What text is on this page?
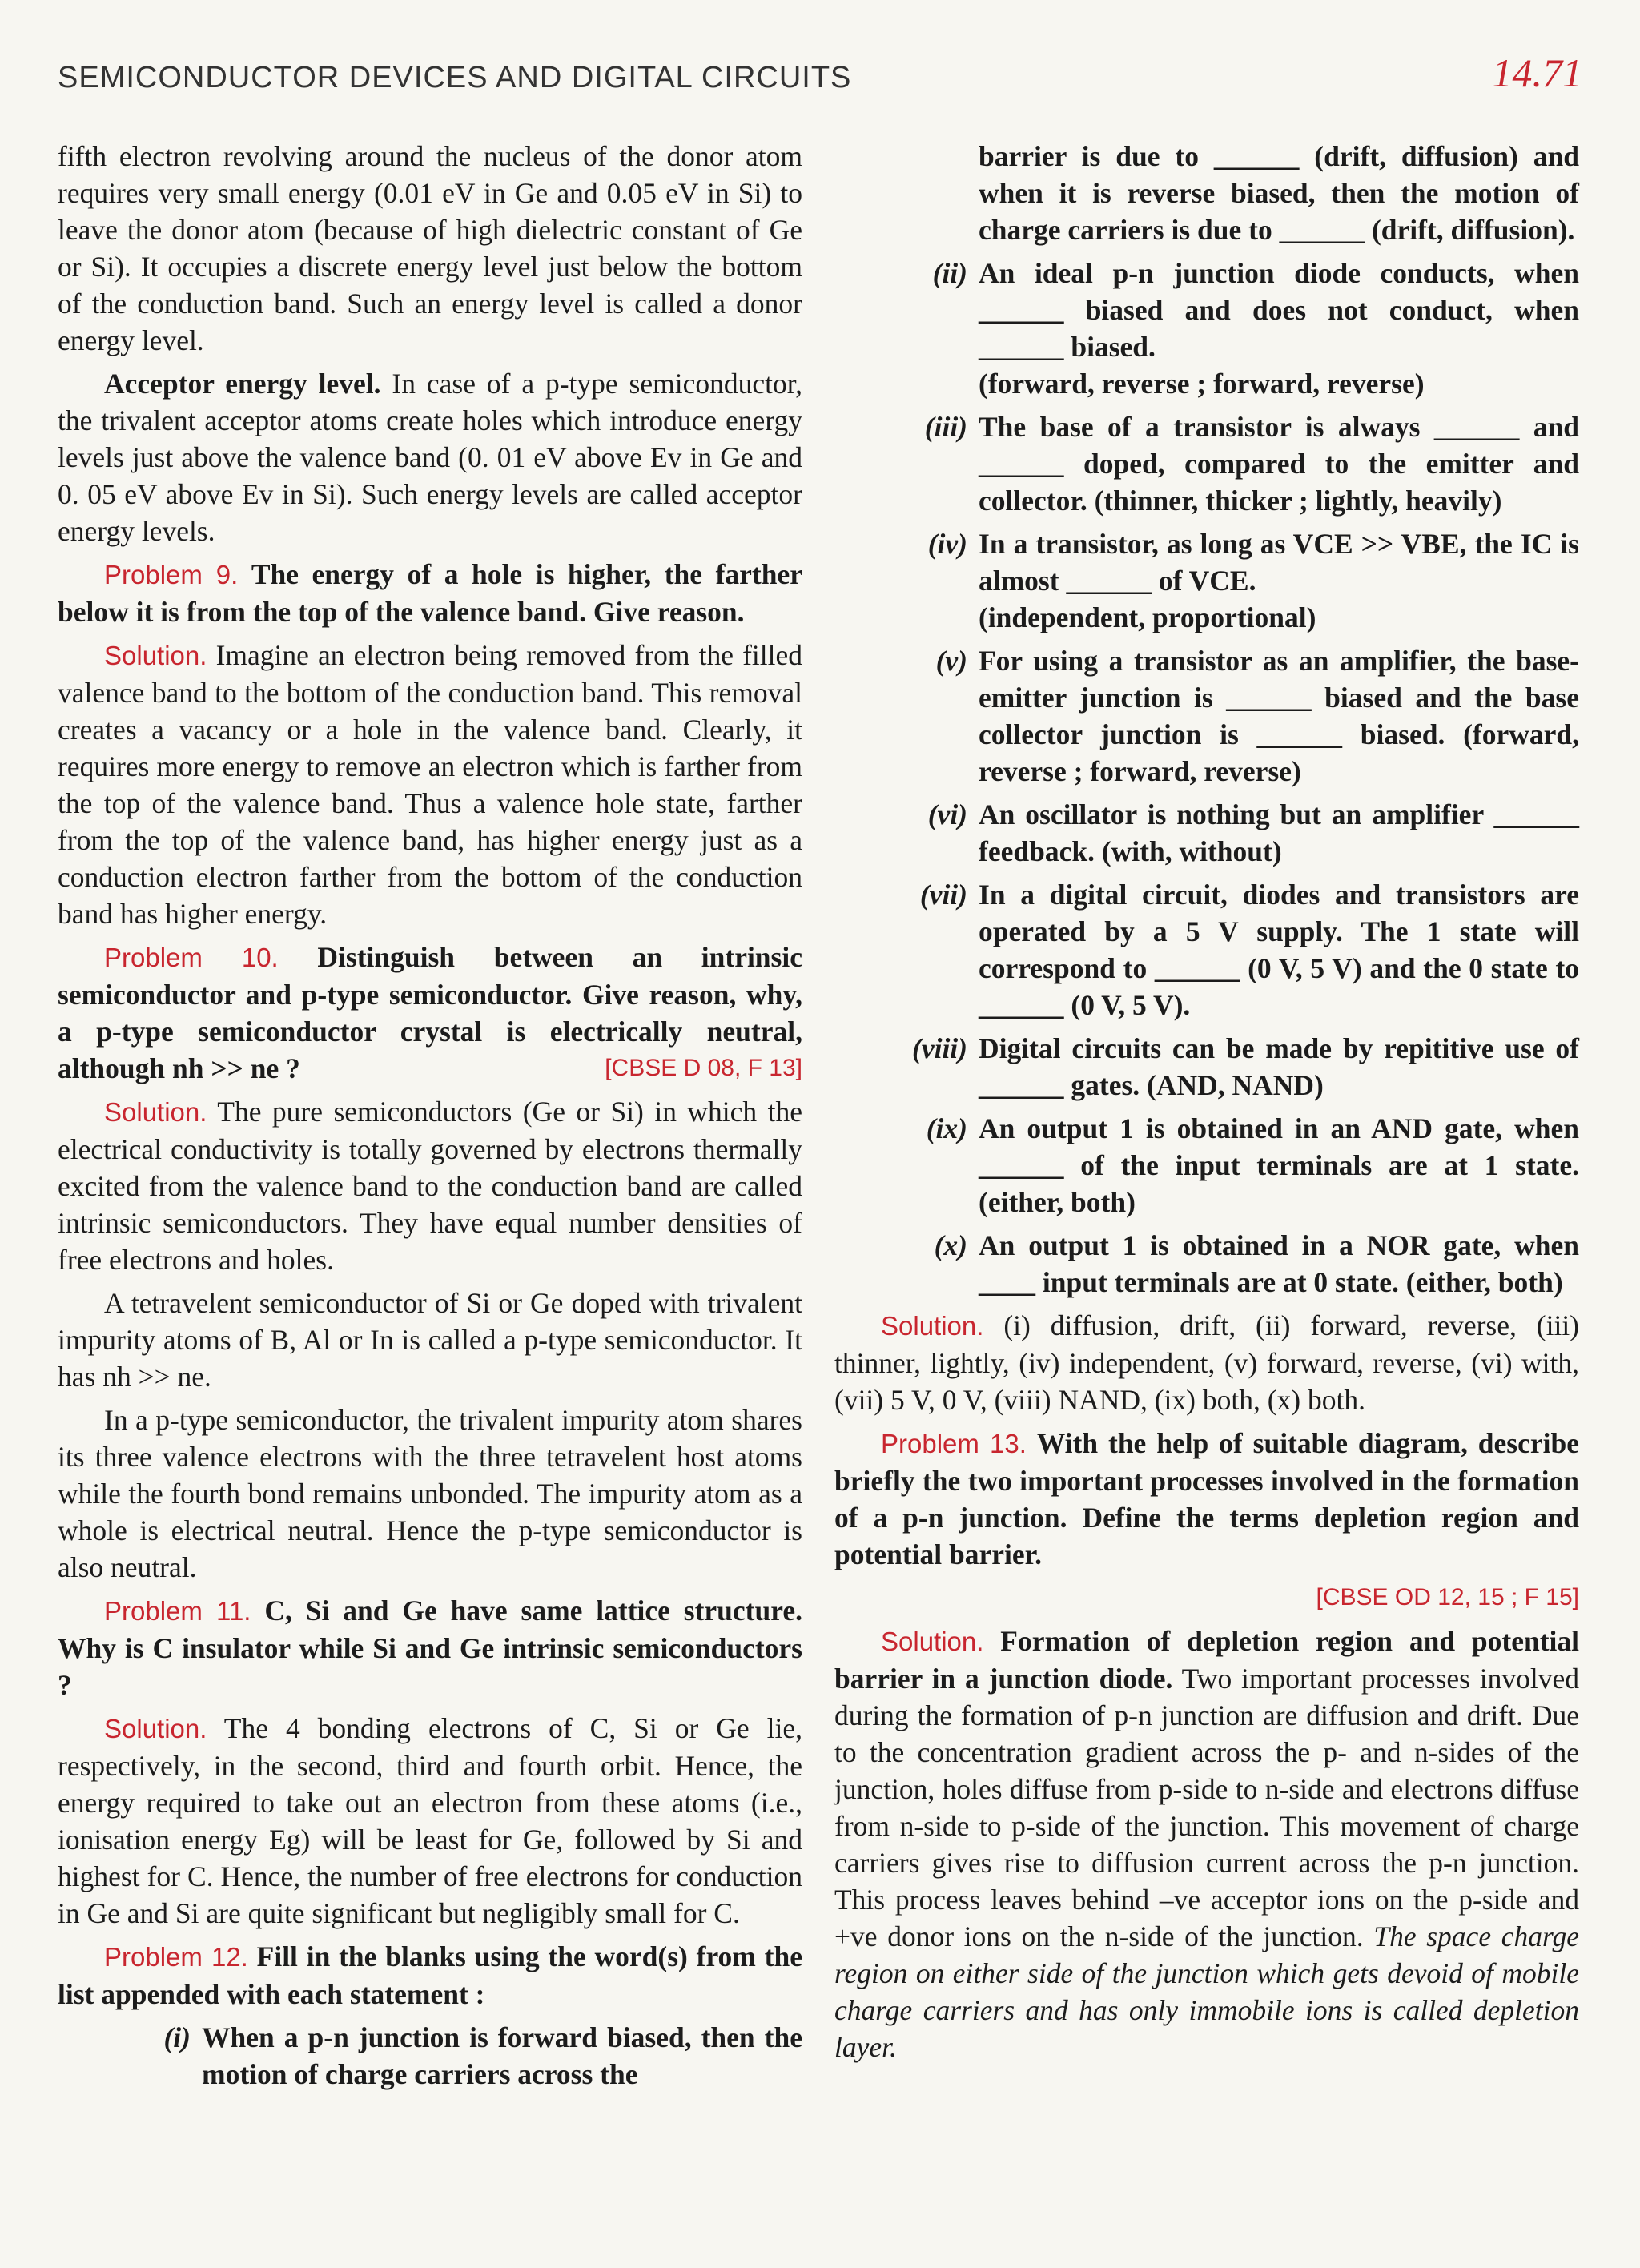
SEMICONDUCTOR DEVICES AND DIGITAL CIRCUITS	14.71

fifth electron revolving around the nucleus of the donor atom requires very small energy (0.01 eV in Ge and 0.05 eV in Si) to leave the donor atom (because of high dielectric constant of Ge or Si). It occupies a discrete energy level just below the bottom of the conduction band. Such an energy level is called a donor energy level.

Acceptor energy level. In case of a p-type semiconductor, the trivalent acceptor atoms create holes which introduce energy levels just above the valence band (0. 01 eV above Ev in Ge and 0. 05 eV above Ev in Si). Such energy levels are called acceptor energy levels.

Problem 9. The energy of a hole is higher, the farther below it is from the top of the valence band. Give reason.

Solution. Imagine an electron being removed from the filled valence band to the bottom of the conduction band. This removal creates a vacancy or a hole in the valence band. Clearly, it requires more energy to remove an electron which is farther from the top of the valence band. Thus a valence hole state, farther from the top of the valence band, has higher energy just as a conduction electron farther from the bottom of the conduction band has higher energy.

Problem 10. Distinguish between an intrinsic semiconductor and p-type semiconductor. Give reason, why, a p-type semiconductor crystal is electrically neutral, although nh >> ne ?	[CBSE D 08, F 13]

Solution. The pure semiconductors (Ge or Si) in which the electrical conductivity is totally governed by electrons thermally excited from the valence band to the conduction band are called intrinsic semiconductors. They have equal number densities of free electrons and holes.

A tetravelent semiconductor of Si or Ge doped with trivalent impurity atoms of B, Al or In is called a p-type semiconductor. It has nh >> ne.

In a p-type semiconductor, the trivalent impurity atom shares its three valence electrons with the three tetravelent host atoms while the fourth bond remains unbonded. The impurity atom as a whole is electrical neutral. Hence the p-type semiconductor is also neutral.

Problem 11. C, Si and Ge have same lattice structure. Why is C insulator while Si and Ge intrinsic semiconductors ?

Solution. The 4 bonding electrons of C, Si or Ge lie, respectively, in the second, third and fourth orbit. Hence, the energy required to take out an electron from these atoms (i.e., ionisation energy Eg) will be least for Ge, followed by Si and highest for C. Hence, the number of free electrons for conduction in Ge and Si are quite significant but negligibly small for C.

Problem 12. Fill in the blanks using the word(s) from the list appended with each statement :

(i) When a p-n junction is forward biased, then the motion of charge carriers across the

barrier is due to ______ (drift, diffusion) and when it is reverse biased, then the motion of charge carriers is due to ______ (drift, diffusion).

(ii) An ideal p-n junction diode conducts, when ______ biased and does not conduct, when ______ biased.
(forward, reverse ; forward, reverse)

(iii) The base of a transistor is always ______ and ______ doped, compared to the emitter and collector. (thinner, thicker ; lightly, heavily)

(iv) In a transistor, as long as VCE >> VBE, the IC is almost ______ of VCE.
(independent, proportional)

(v) For using a transistor as an amplifier, the base-emitter junction is ______ biased and the base collector junction is ______ biased. (forward, reverse ; forward, reverse)

(vi) An oscillator is nothing but an amplifier ______ feedback. (with, without)

(vii) In a digital circuit, diodes and transistors are operated by a 5 V supply. The 1 state will correspond to ______ (0 V, 5 V) and the 0 state to ______ (0 V, 5 V).

(viii) Digital circuits can be made by repititive use of ______ gates. (AND, NAND)

(ix) An output 1 is obtained in an AND gate, when ______ of the input terminals are at 1 state. (either, both)

(x) An output 1 is obtained in a NOR gate, when ____ input terminals are at 0 state. (either, both)

Solution. (i) diffusion, drift, (ii) forward, reverse, (iii) thinner, lightly, (iv) independent, (v) forward, reverse, (vi) with, (vii) 5 V, 0 V, (viii) NAND, (ix) both, (x) both.

Problem 13. With the help of suitable diagram, describe briefly the two important processes involved in the formation of a p-n junction. Define the terms depletion region and potential barrier.

[CBSE OD 12, 15 ; F 15]

Solution. Formation of depletion region and potential barrier in a junction diode. Two important processes involved during the formation of p-n junction are diffusion and drift. Due to the concentration gradient across the p- and n-sides of the junction, holes diffuse from p-side to n-side and electrons diffuse from n-side to p-side of the junction. This movement of charge carriers gives rise to diffusion current across the p-n junction. This process leaves behind –ve acceptor ions on the p-side and +ve donor ions on the n-side of the junction. The space charge region on either side of the junction which gets devoid of mobile charge carriers and has only immobile ions is called depletion layer.
